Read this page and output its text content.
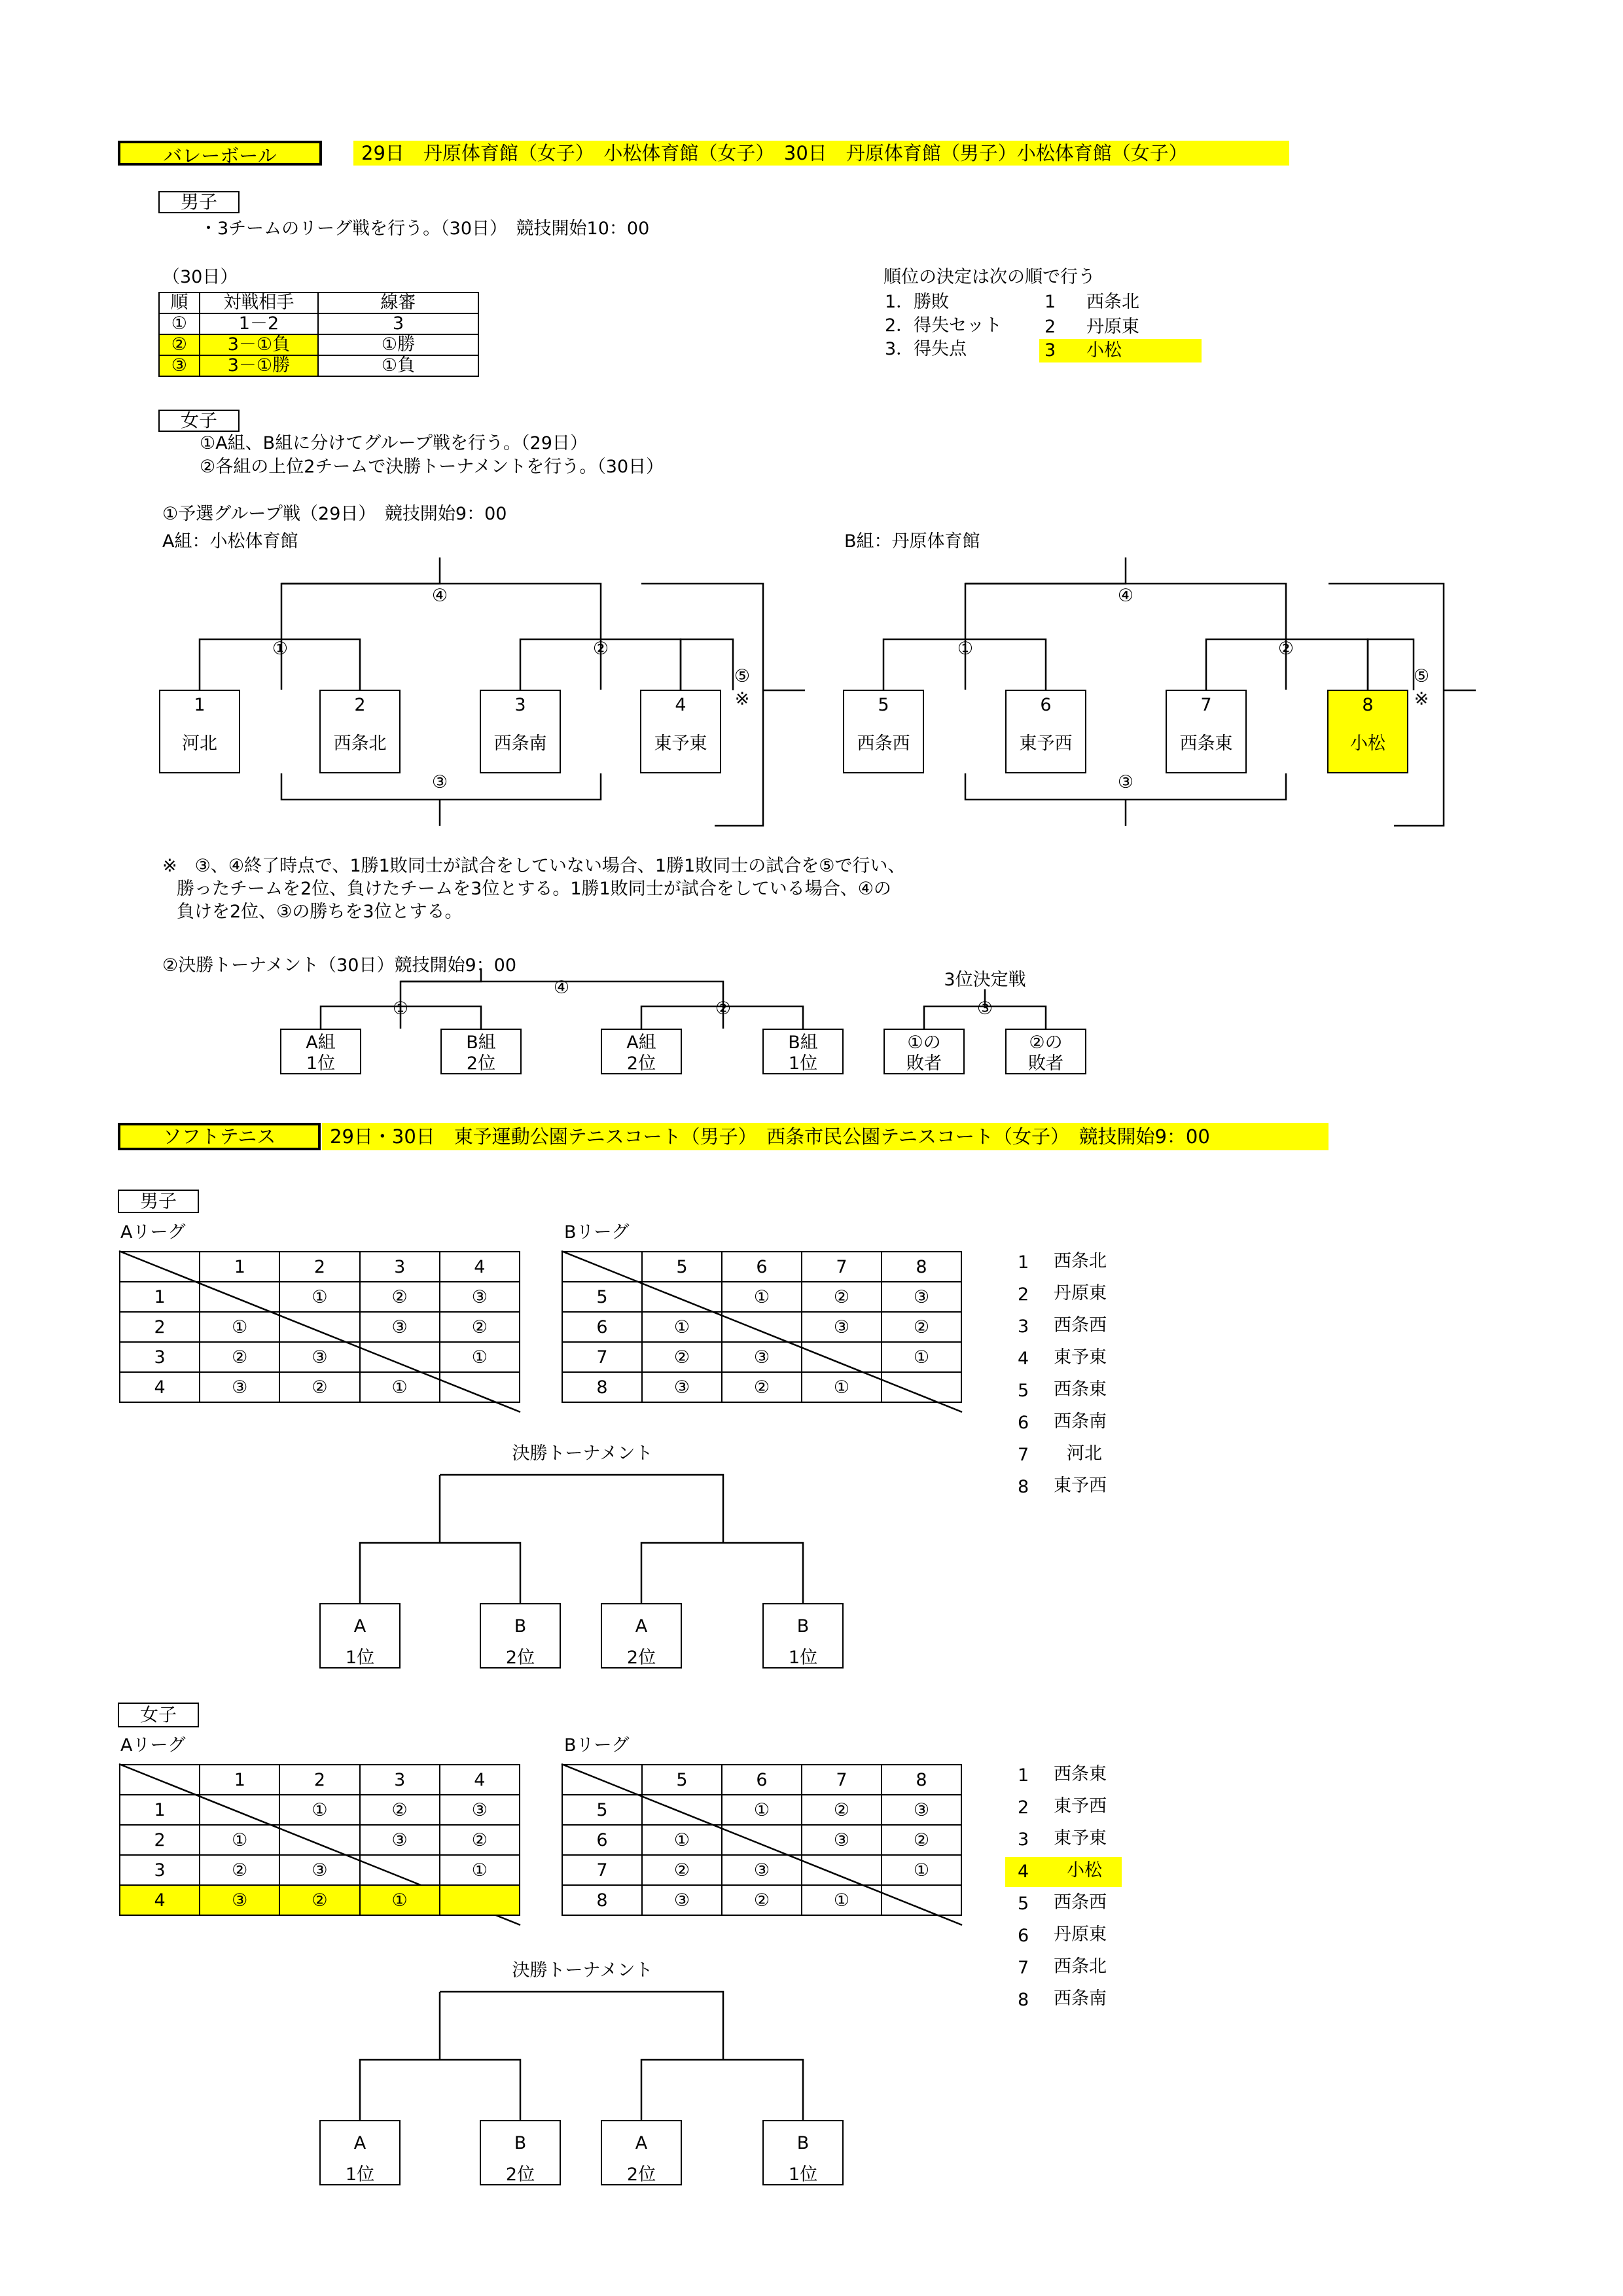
バレーボール	29日　丹原体育館（女子）　小松体育館（女子）　30日　丹原体育館（男子）小松体育館（女子）
男子
・3チームのリーグ戦を行う。（30日）　競技開始10：00
（30日）
順	対戦相手	線審
①	1－2	3
②	3－①負	①勝
③	3－①勝	①負
順位の決定は次の順で行う
1．勝敗
2．得失セット
3．得失点
1 西条北
2 丹原東
3 小松
女子
①A組、B組に分けてグループ戦を行う。（29日）
②各組の上位2チームで決勝トーナメントを行う。（30日）
①予選グループ戦（29日）　競技開始9：00
A組：小松体育館	B組：丹原体育館
④
①	②
③
⑤
※
1
河北
2
西条北
3
西条南
4
東予東
④
①	②
③
⑤
※
5
西条西
6
東予西
7
西条東
8
小松
※　③、④終了時点で、1勝1敗同士が試合をしていない場合、1勝1敗同士の試合を⑤で行い、
勝ったチームを2位、負けたチームを3位とする。1勝1敗同士が試合をしている場合、④の
負けを2位、③の勝ちを3位とする。
②決勝トーナメント（30日）競技開始9：00
④
①	②
A組
1位
B組
2位
A組
2位
B組
1位
3位決定戦
③
①の
敗者
②の
敗者
ソフトテニス	29日・30日　東予運動公園テニスコート（男子）　西条市民公園テニスコート（女子）　競技開始9：00
男子
Aリーグ	Bリーグ
	1	2	3	4
1		①	②	③
2	①		③	②
3	②	③		①
4	③	②	①	
	5	6	7	8
5		①	②	③
6	①		③	②
7	②	③		①
8	③	②	①	
1 西条北
2 丹原東
3 西条西
4 東予東
5 西条東
6 西条南
7 河北
8 東予西
決勝トーナメント
A
1位
B
2位
A
2位
B
1位
女子
Aリーグ	Bリーグ
	1	2	3	4
1		①	②	③
2	①		③	②
3	②	③		①
4	③	②	①	
	5	6	7	8
5		①	②	③
6	①		③	②
7	②	③		①
8	③	②	①	
1 西条東
2 東予西
3 東予東
4 小松
5 西条西
6 丹原東
7 西条北
8 西条南
決勝トーナメント
A
1位
B
2位
A
2位
B
1位
